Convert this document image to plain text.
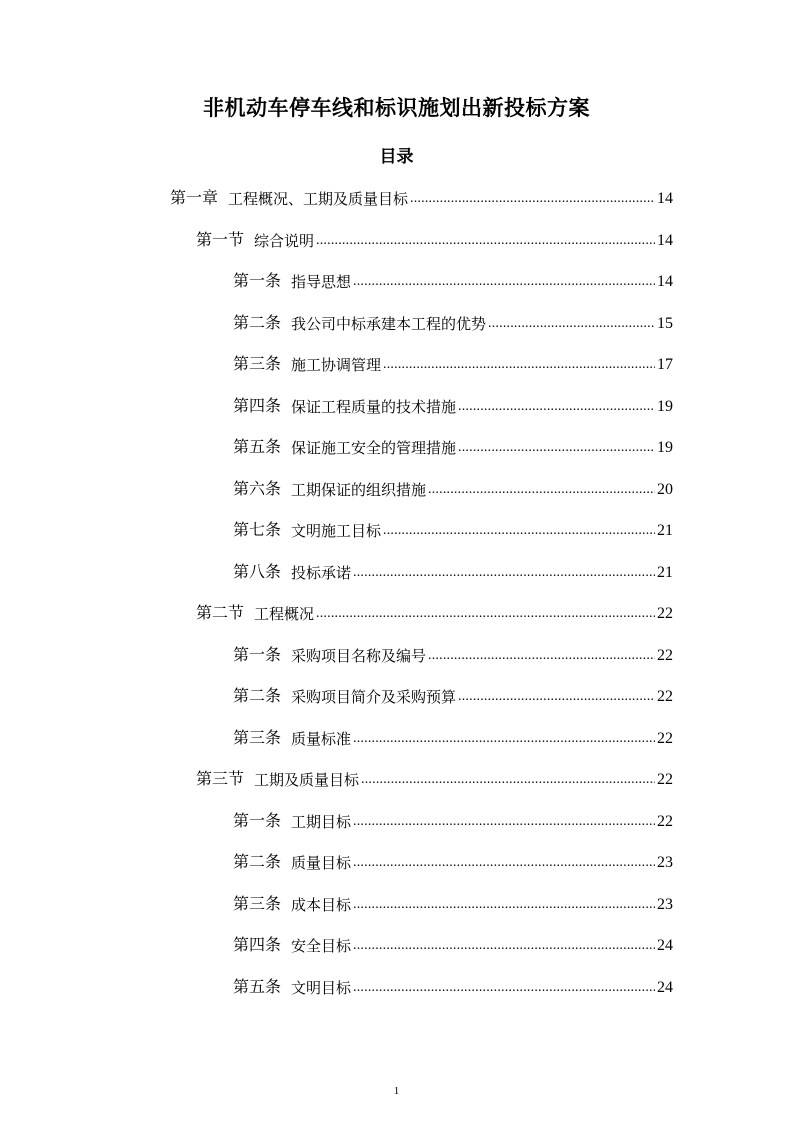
非机动车停车线和标识施划出新投标方案
目录
第一章 工程概况、工期及质量目标 .....	14
第一节 综合说明 .....	14
第一条 指导思想 .....	14
第二条 我公司中标承建本工程的优势 .....	15
第三条 施工协调管理 .....	17
第四条 保证工程质量的技术措施 .....	19
第五条 保证施工安全的管理措施 .....	19
第六条 工期保证的组织措施 .....	20
第七条 文明施工目标 .....	21
第八条 投标承诺 .....	21
第二节 工程概况 .....	22
第一条 采购项目名称及编号 .....	22
第二条 采购项目简介及采购预算 .....	22
第三条 质量标准 .....	22
第三节 工期及质量目标 .....	22
第一条 工期目标 .....	22
第二条 质量目标 .....	23
第三条 成本目标 .....	23
第四条 安全目标 .....	24
第五条 文明目标 .....	24
1
